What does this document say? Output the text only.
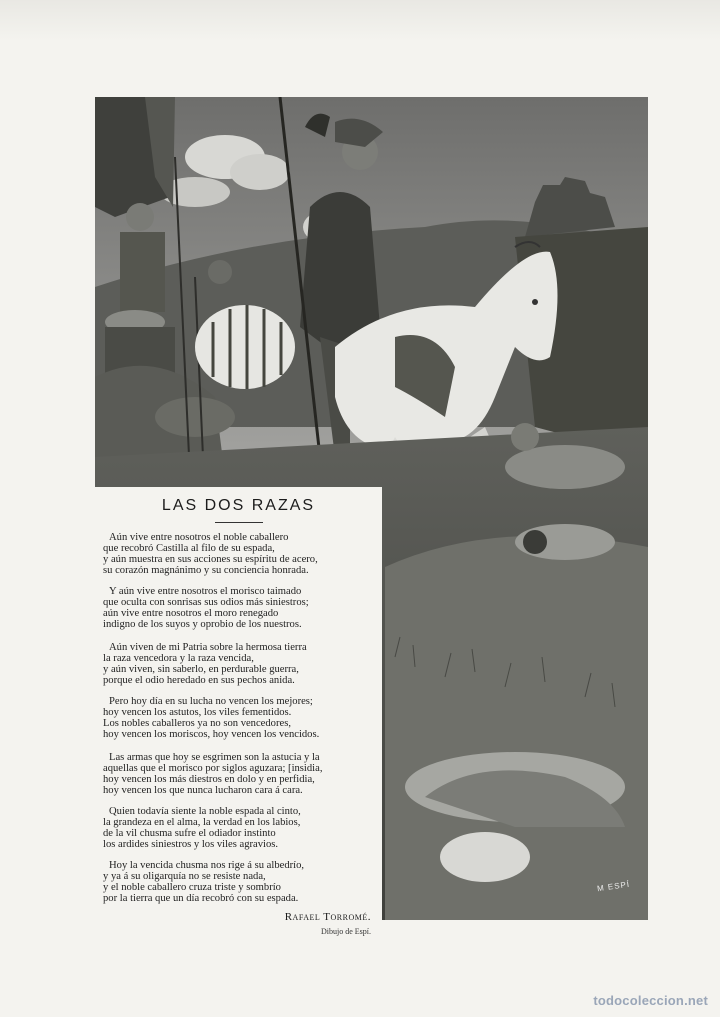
M ESPÍ
LAS DOS RAZAS

Aún vive entre nosotros el noble caballero
que recobró Castilla al filo de su espada,
y aún muestra en sus acciones su espíritu de acero,
su corazón magnánimo y su conciencia honrada.

Y aún vive entre nosotros el morisco taimado
que oculta con sonrisas sus odios más siniestros;
aún vive entre nosotros el moro renegado
indigno de los suyos y oprobio de los nuestros.

Aún viven de mi Patria sobre la hermosa tierra
la raza vencedora y la raza vencida,
y aún viven, sin saberlo, en perdurable guerra,
porque el odio heredado en sus pechos anida.

Pero hoy día en su lucha no vencen los mejores;
hoy vencen los astutos, los viles fementidos.
Los nobles caballeros ya no son vencedores,
hoy vencen los moriscos, hoy vencen los vencidos.

Las armas que hoy se esgrimen son la astucia y la
aquellas que el morisco por siglos aguzara; [insidia,
hoy vencen los más diestros en dolo y en perfidia,
hoy vencen los que nunca lucharon cara á cara.

Quien todavía siente la noble espada al cinto,
la grandeza en el alma, la verdad en los labios,
de la vil chusma sufre el odiador instinto
los ardides siniestros y los viles agravios.

Hoy la vencida chusma nos rige á su albedrío,
y ya á su oligarquía no se resiste nada,
y el noble caballero cruza triste y sombrío
por la tierra que un día recobró con su espada.

Rafael Torromé.
Dibujo de Espí.
todocoleccion.net
